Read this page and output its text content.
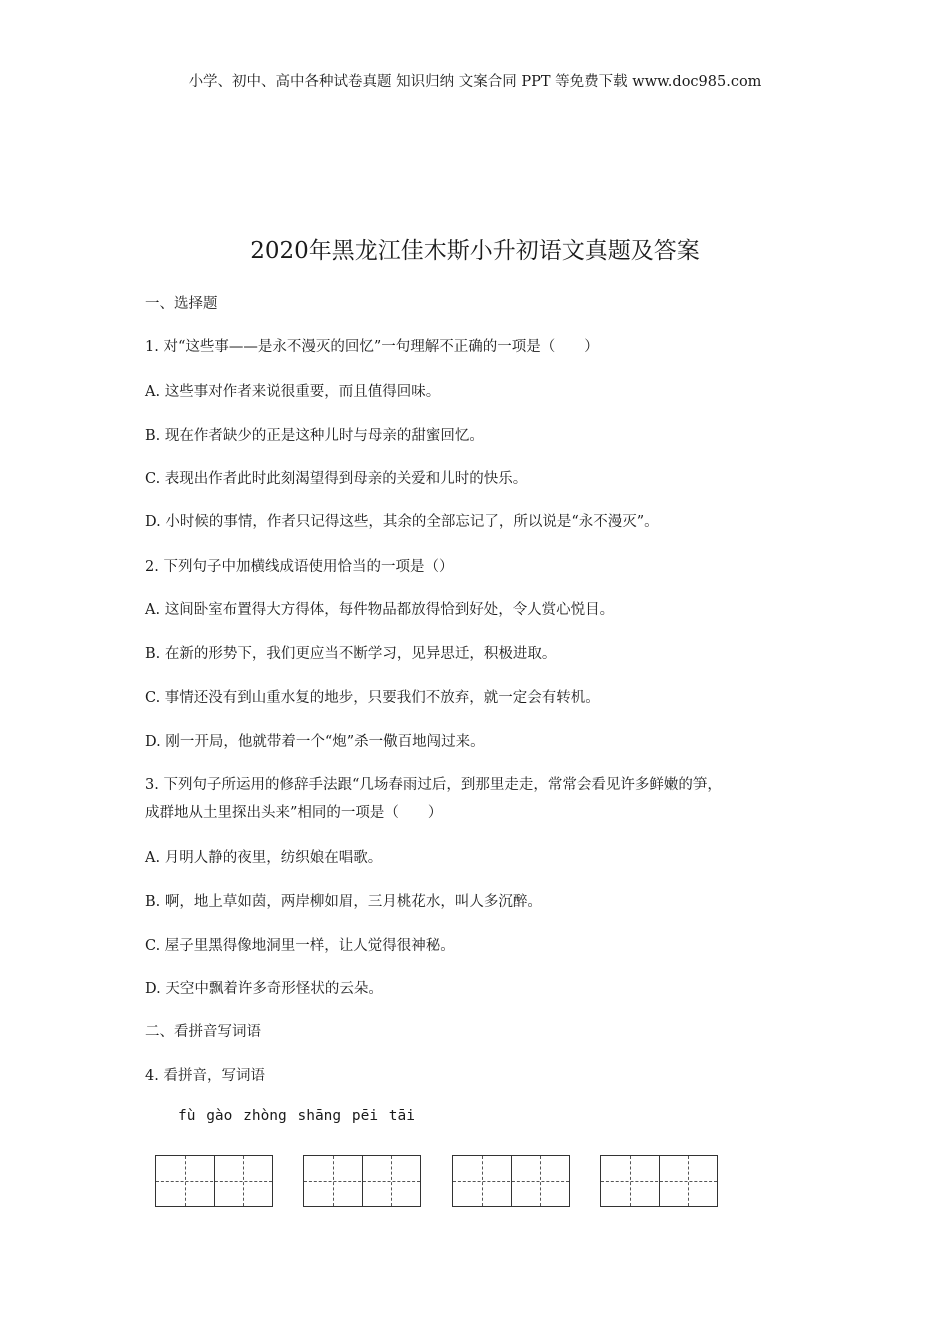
小学、初中、高中各种试卷真题 知识归纳 文案合同 PPT 等免费下载 www.doc985.com
2020年黑龙江佳木斯小升初语文真题及答案
一、选择题
1. 对“这些事——是永不漫灭的回忆”一句理解不正确的一项是（　　）
A. 这些事对作者来说很重要，而且值得回味。
B. 现在作者缺少的正是这种儿时与母亲的甜蜜回忆。
C. 表现出作者此时此刻渴望得到母亲的关爱和儿时的快乐。
D. 小时候的事情，作者只记得这些，其余的全部忘记了，所以说是“永不漫灭”。
2. 下列句子中加横线成语使用恰当的一项是（）
A. 这间卧室布置得大方得体，每件物品都放得恰到好处，令人赏心悦目。
B. 在新的形势下，我们更应当不断学习，见异思迁，积极进取。
C. 事情还没有到山重水复的地步，只要我们不放弃，就一定会有转机。
D. 刚一开局，他就带着一个“炮”杀一儆百地闯过来。
3. 下列句子所运用的修辞手法跟“几场春雨过后，到那里走走，常常会看见许多鲜嫩的笋，
成群地从土里探出头来”相同的一项是（　　）
A. 月明人静的夜里，纺织娘在唱歌。
B. 啊，地上草如茵，两岸柳如眉，三月桃花水，叫人多沉醉。
C. 屋子里黑得像地洞里一样，让人觉得很神秘。
D. 天空中飘着许多奇形怪状的云朵。
二、看拼音写词语
4. 看拼音，写词语
fù gào zhòng shāng pēi tāi
